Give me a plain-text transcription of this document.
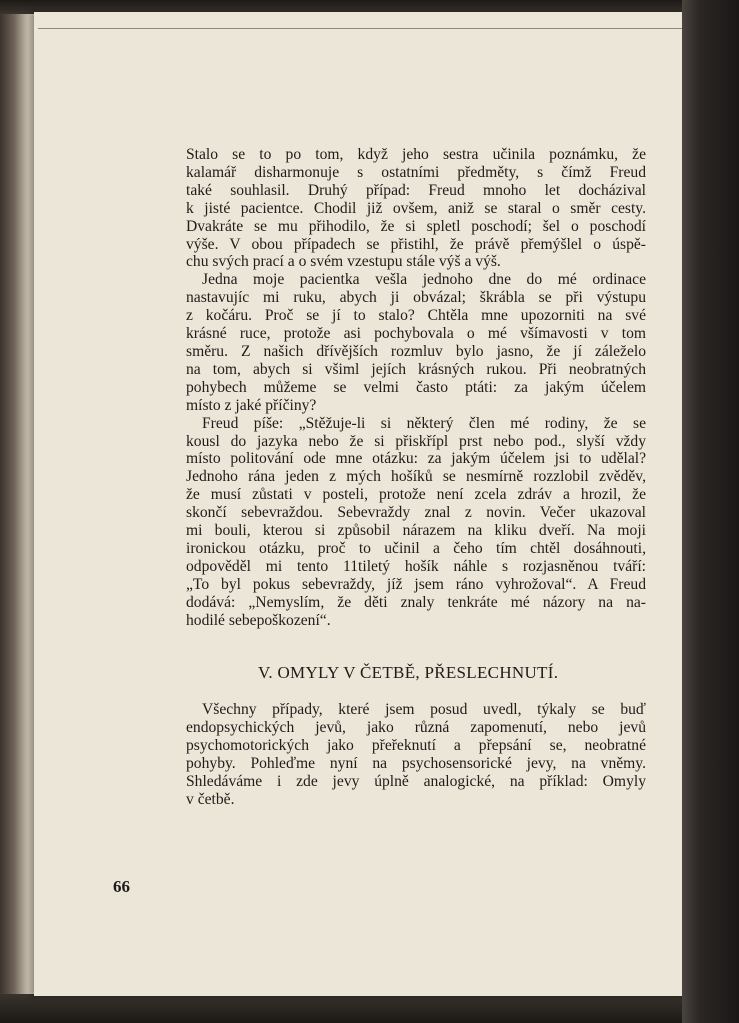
Stalo se to po tom, když jeho sestra učinila poznámku, že
kalamář disharmonuje s ostatními předměty, s čímž Freud
také souhlasil. Druhý případ: Freud mnoho let docházival
k jisté pacientce. Chodil již ovšem, aniž se staral o směr cesty.
Dvakráte se mu přihodilo, že si spletl poschodí; šel o poschodí
výše. V obou případech se přistihl, že právě přemýšlel o úspě-
chu svých prací a o svém vzestupu stále výš a výš.
Jedna moje pacientka vešla jednoho dne do mé ordinace
nastavujíc mi ruku, abych ji obvázal; škrábla se při výstupu
z kočáru. Proč se jí to stalo? Chtěla mne upozorniti na své
krásné ruce, protože asi pochybovala o mé všímavosti v tom
směru. Z našich dřívějších rozmluv bylo jasno, že jí záleželo
na tom, abych si všiml jejích krásných rukou. Při neobratných
pohybech můžeme se velmi často ptáti: za jakým účelem
místo z jaké příčiny?
Freud píše: „Stěžuje-li si některý člen mé rodiny, že se
kousl do jazyka nebo že si přiskřípl prst nebo pod., slyší vždy
místo politování ode mne otázku: za jakým účelem jsi to udělal?
Jednoho rána jeden z mých hošíků se nesmírně rozzlobil zvěděv,
že musí zůstati v posteli, protože není zcela zdráv a hrozil, že
skončí sebevraždou. Sebevraždy znal z novin. Večer ukazoval
mi bouli, kterou si způsobil nárazem na kliku dveří. Na moji
ironickou otázku, proč to učinil a čeho tím chtěl dosáhnouti,
odpověděl mi tento 11tiletý hošík náhle s rozjasněnou tváří:
„To byl pokus sebevraždy, jíž jsem ráno vyhrožoval“. A Freud
dodává: „Nemyslím, že děti znaly tenkráte mé názory na na-
hodilé sebepoškození“.
V. OMYLY V ČETBĚ, PŘESLECHNUTÍ.
Všechny případy, které jsem posud uvedl, týkaly se buď
endopsychických jevů, jako různá zapomenutí, nebo jevů
psychomotorických jako přeřeknutí a přepsání se, neobratné
pohyby. Pohleďme nyní na psychosensorické jevy, na vněmy.
Shledáváme i zde jevy úplně analogické, na příklad: Omyly
v četbě.
66
